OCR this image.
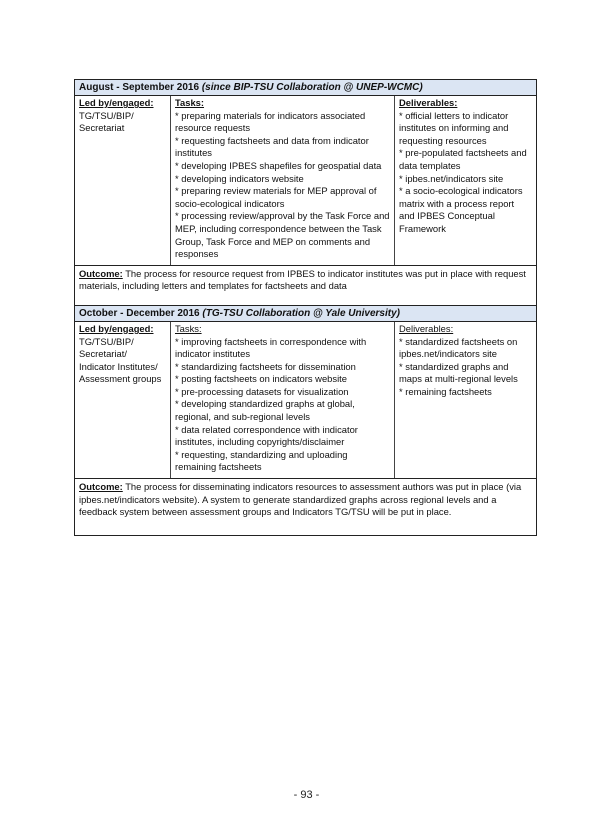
August - September 2016 (since BIP-TSU Collaboration @ UNEP-WCMC)
Led by/engaged:
TG/TSU/BIP/
Secretariat
Tasks:
* preparing materials for indicators associated
resource requests
* requesting factsheets and data from indicator
institutes
* developing IPBES shapefiles for geospatial data
* developing indicators website
* preparing review materials for MEP approval of
socio-ecological indicators
* processing review/approval by the Task Force and
MEP, including correspondence between the Task
Group, Task Force and MEP on comments and
responses
Deliverables:
* official letters to indicator
institutes on informing and
requesting resources
* pre-populated factsheets and
data templates
* ipbes.net/indicators site
* a socio-ecological indicators
matrix with a process report
and IPBES Conceptual
Framework
Outcome: The process for resource request from IPBES to indicator institutes was put in place with request materials, including letters and templates for factsheets and data
October - December 2016 (TG-TSU Collaboration @ Yale University)
Led by/engaged:
TG/TSU/BIP/
Secretariat/
Indicator Institutes/
Assessment groups
Tasks:
* improving factsheets in correspondence with
indicator institutes
* standardizing factsheets for dissemination
* posting factsheets on indicators website
* pre-processing datasets for visualization
* developing standardized graphs at global,
regional, and sub-regional levels
* data related correspondence with indicator
institutes, including copyrights/disclaimer
* requesting, standardizing and uploading
remaining factsheets
Deliverables:
* standardized factsheets on
ipbes.net/indicators site
* standardized graphs and
maps at multi-regional levels
* remaining factsheets
Outcome: The process for disseminating indicators resources to assessment authors was put in place (via ipbes.net/indicators website). A system to generate standardized graphs across regional levels and a feedback system between assessment groups and Indicators TG/TSU will be put in place.
- 93 -
